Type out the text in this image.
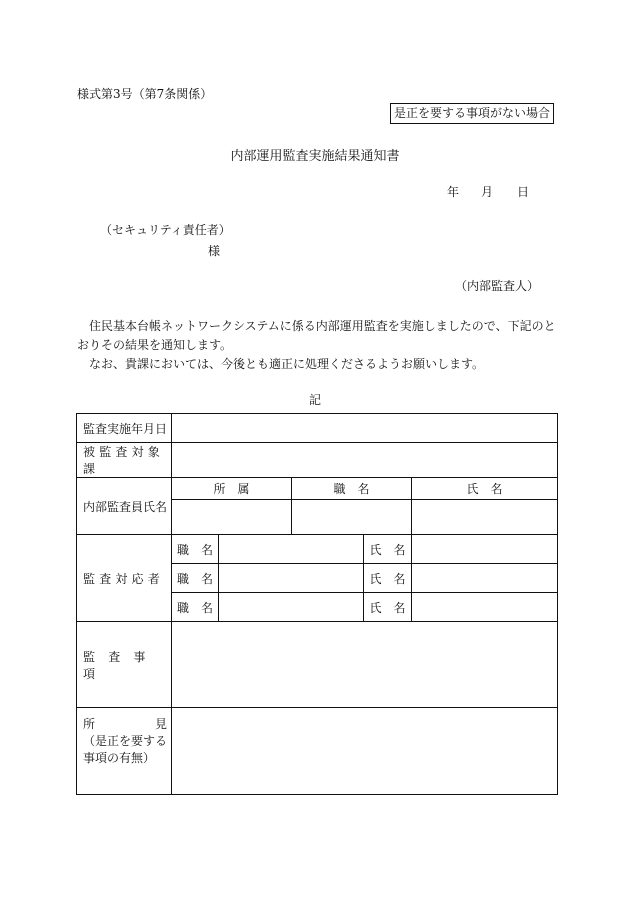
様式第3号（第7条関係）
是正を要する事項がない場合
内部運用監査実施結果通知書
年 月 日
（セキュリティ責任者）
様
（内部監査人）

住民基本台帳ネットワークシステムに係る内部運用監査を実施しましたので、下記のとおりその結果を通知します。

なお、貴課においては、今後とも適正に処理くださるようお願いします。

記
監査実施年月日					
被監査対象課					
内部監査員氏名	所　属		職　名		氏　名

監査対応者	職　名			氏　名	
	職　名			氏　名	
	職　名			氏　名	
監査事項					

所 見
（是正を要する
事項の有無）					
